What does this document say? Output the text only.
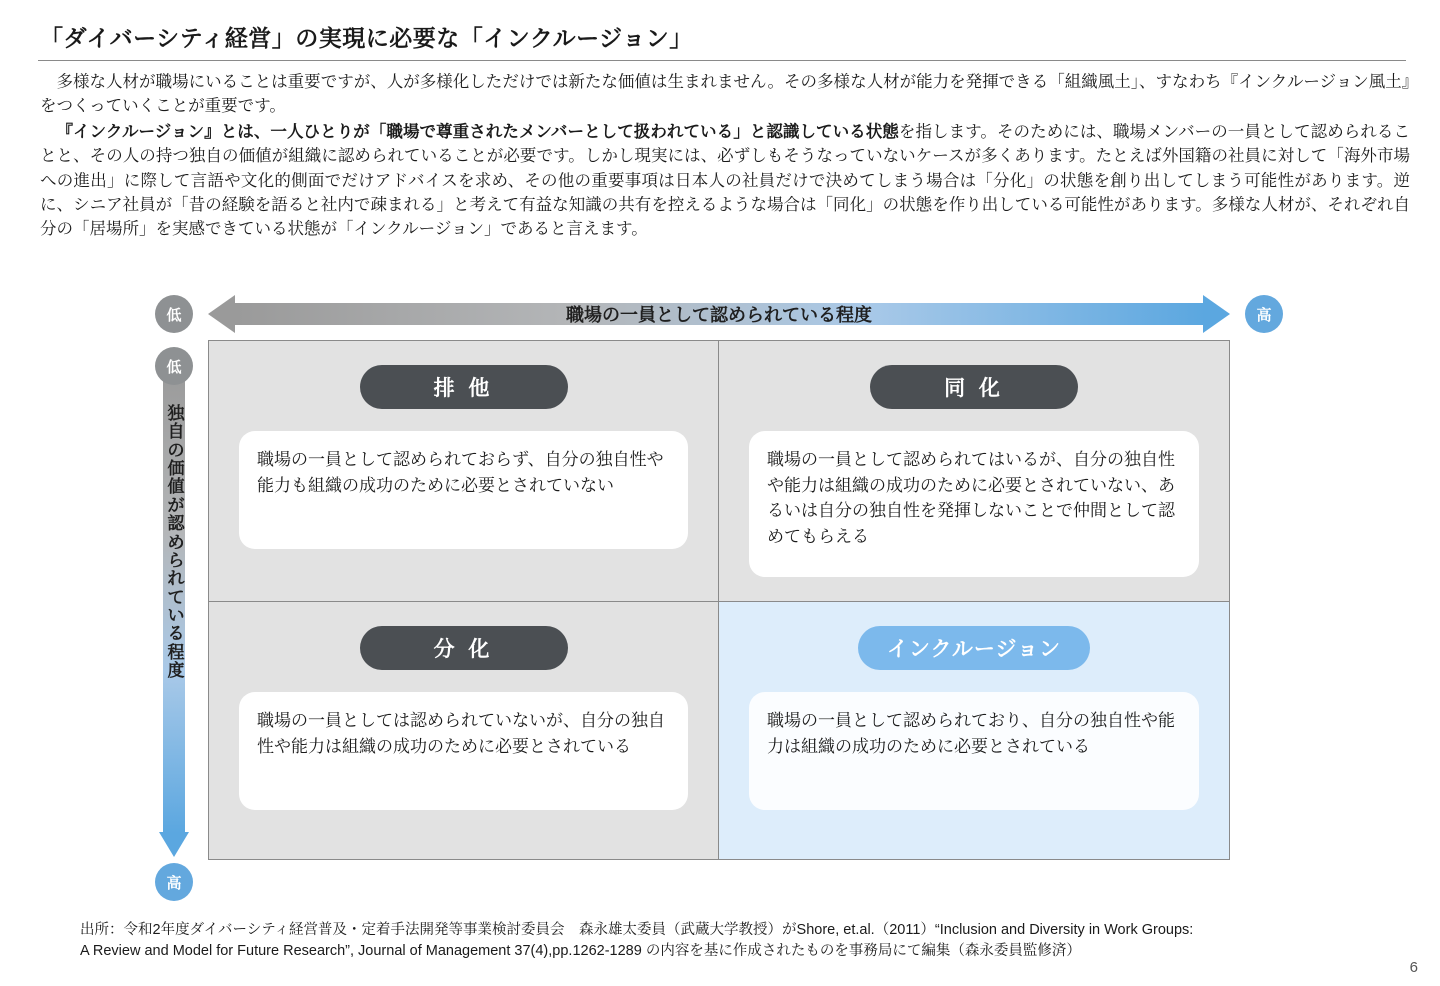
「ダイバーシティ経営」の実現に必要な「インクルージョン」

多様な人材が職場にいることは重要ですが、人が多様化しただけでは新たな価値は生まれません。その多様な人材が能力を発揮できる「組織風土」、すなわち『インクルージョン風土』をつくっていくことが重要です。

『インクルージョン』とは、一人ひとりが「職場で尊重されたメンバーとして扱われている」と認識している状態を指します。そのためには、職場メンバーの一員として認められることと、その人の持つ独自の価値が組織に認められていることが必要です。しかし現実には、必ずしもそうなっていないケースが多くあります。たとえば外国籍の社員に対して「海外市場への進出」に際して言語や文化的側面でだけアドバイスを求め、その他の重要事項は日本人の社員だけで決めてしまう場合は「分化」の状態を創り出してしまう可能性があります。逆に、シニア社員が「昔の経験を語ると社内で疎まれる」と考えて有益な知識の共有を控えるような場合は「同化」の状態を作り出している可能性があります。多様な人材が、それぞれ自分の「居場所」を実感できている状態が「インクルージョン」であると言えます。

職場の一員として認められている程度
低	高
独自の価値が認められている程度
低
高
排 他
職場の一員として認められておらず、自分の独自性や能力も組織の成功のために必要とされていない
同 化
職場の一員として認められてはいるが、自分の独自性や能力は組織の成功のために必要とされていない、あるいは自分の独自性を発揮しないことで仲間として認めてもらえる
分 化
職場の一員としては認められていないが、自分の独自性や能力は組織の成功のために必要とされている
インクルージョン
職場の一員として認められており、自分の独自性や能力は組織の成功のために必要とされている
出所：令和2年度ダイバーシティ経営普及・定着手法開発等事業検討委員会　森永雄太委員（武蔵大学教授）がShore, et.al.（2011）“Inclusion and Diversity in Work Groups:
A Review and Model for Future Research”, Journal of Management 37(4),pp.1262-1289 の内容を基に作成されたものを事務局にて編集（森永委員監修済）
6
